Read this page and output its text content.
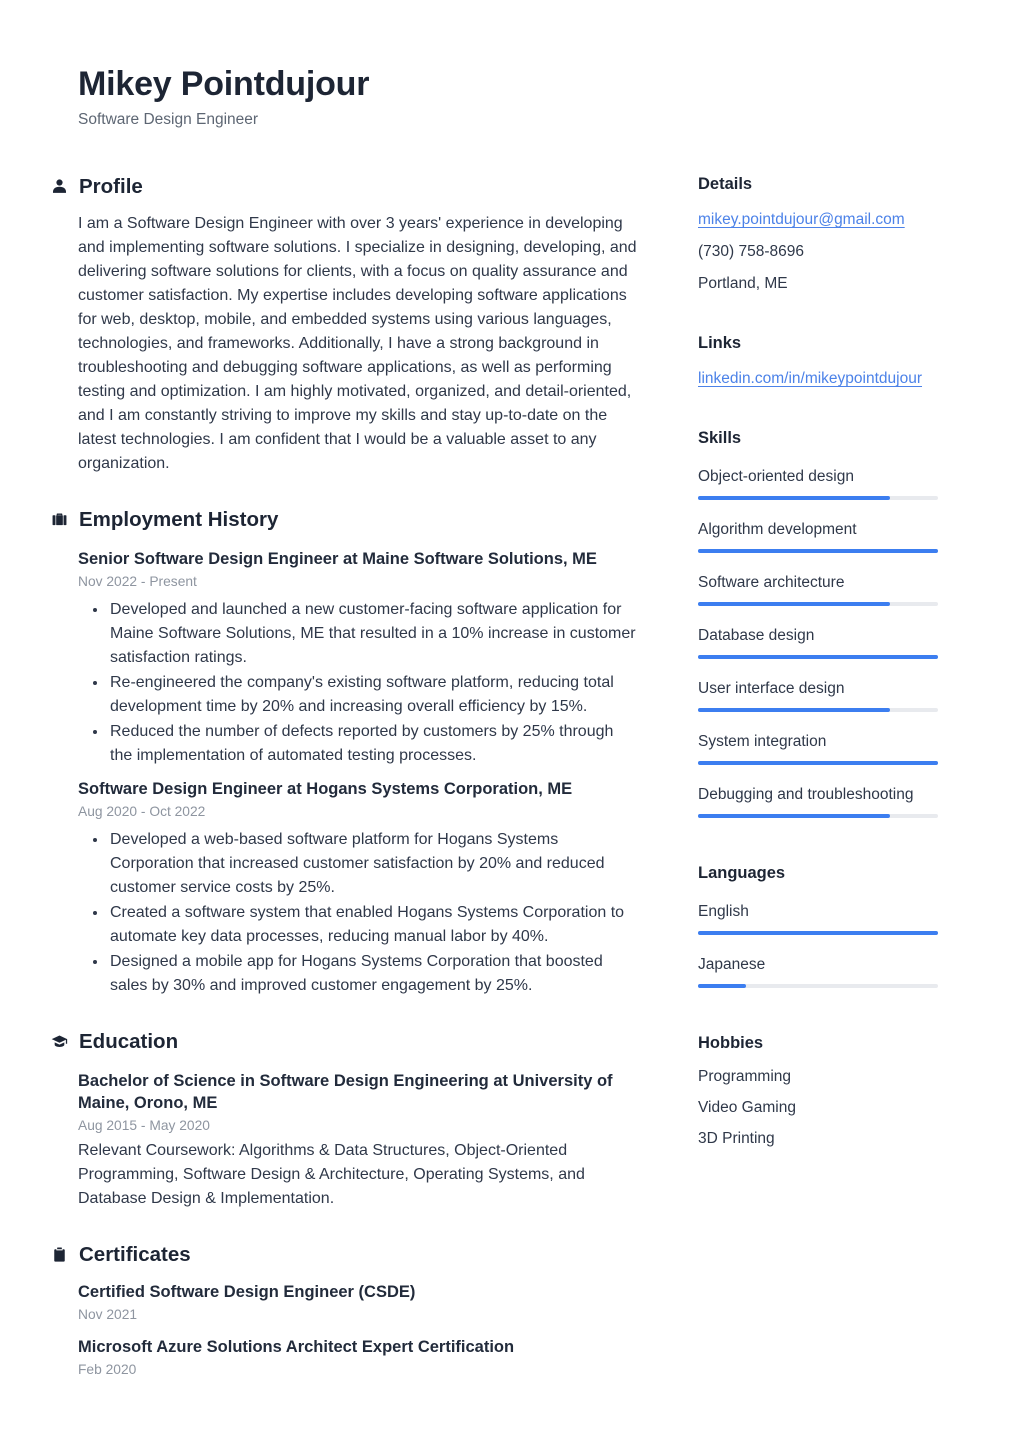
Mikey Pointdujour
Software Design Engineer
Profile

I am a Software Design Engineer with over 3 years' experience in developing and implementing software solutions. I specialize in designing, developing, and delivering software solutions for clients, with a focus on quality assurance and customer satisfaction. My expertise includes developing software applications for web, desktop, mobile, and embedded systems using various languages, technologies, and frameworks. Additionally, I have a strong background in troubleshooting and debugging software applications, as well as performing testing and optimization. I am highly motivated, organized, and detail-oriented, and I am constantly striving to improve my skills and stay up-to-date on the latest technologies. I am confident that I would be a valuable asset to any organization.

Employment History
Senior Software Design Engineer at Maine Software Solutions, ME
Nov 2022 - Present
• Developed and launched a new customer-facing software application for Maine Software Solutions, ME that resulted in a 10% increase in customer satisfaction ratings.
• Re-engineered the company's existing software platform, reducing total development time by 20% and increasing overall efficiency by 15%.
• Reduced the number of defects reported by customers by 25% through the implementation of automated testing processes.
Software Design Engineer at Hogans Systems Corporation, ME
Aug 2020 - Oct 2022
• Developed a web-based software platform for Hogans Systems Corporation that increased customer satisfaction by 20% and reduced customer service costs by 25%.
• Created a software system that enabled Hogans Systems Corporation to automate key data processes, reducing manual labor by 40%.
• Designed a mobile app for Hogans Systems Corporation that boosted sales by 30% and improved customer engagement by 25%.
Education
Bachelor of Science in Software Design Engineering at University of Maine, Orono, ME
Aug 2015 - May 2020

Relevant Coursework: Algorithms & Data Structures, Object-Oriented Programming, Software Design & Architecture, Operating Systems, and Database Design & Implementation.

Certificates
Certified Software Design Engineer (CSDE)
Nov 2021
Microsoft Azure Solutions Architect Expert Certification
Feb 2020
Details
mikey.pointdujour@gmail.com
(730) 758-8696
Portland, ME
Links
linkedin.com/in/mikeypointdujour
Skills
Object-oriented design
Algorithm development
Software architecture
Database design
User interface design
System integration
Debugging and troubleshooting
Languages
English
Japanese
Hobbies
Programming
Video Gaming
3D Printing
